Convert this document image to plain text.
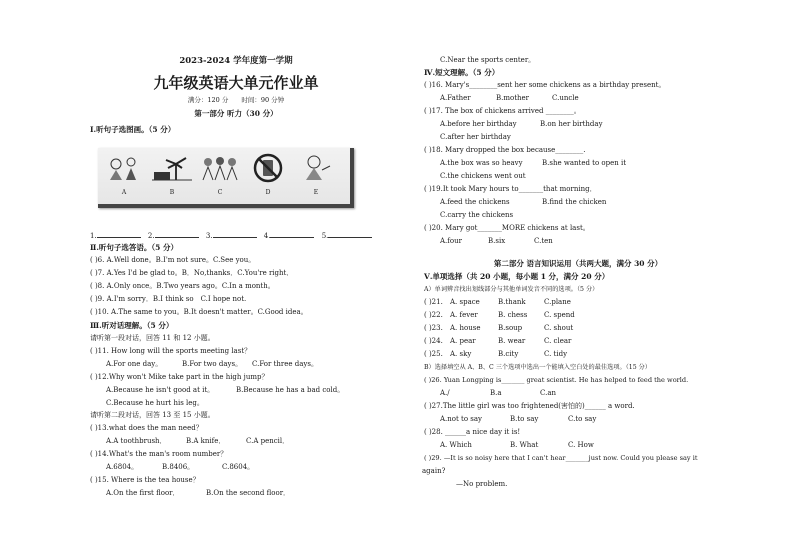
2023-2024 学年度第一学期
九年级英语大单元作业单
满分：120 分　　时间：90 分钟
第一部分 听力（30 分）
Ⅰ.听句子选图画。（5 分）
A	B	C	D	E
1.	2.	3.	4.	5.
Ⅱ.听句子选答语。（5 分）
( )6. A.Well done。B.I'm not sure。C.See you。
( )7. A.Yes I'd be glad to。B．No,thanks．C.You're right．
( )8. A.Only once。B.Two years ago。C.In a month。
( )9. A.I'm sorry．B.I think so　C.I hope not.
( )10. A.The same to you。B.It doesn't matter。C.Good idea。
Ⅲ.听对话理解。（5 分）
请听第一段对话，回答 11 和 12 小题。
( )11. How long will the sports meeting last？
A.For one day。	B.For two days。 C.For three days。
( )12.Why won't Mike take part in the high jump？
A.Because he isn't good at it。	B.Because he has a bad cold。
C.Because he hurt his leg。
请听第二段对话，回答 13 至 15 小题。
( )13.what does the man need？
A.A toothbrush．	B.A knife．	C.A pencil．
( )14.What's the man's room number？
A.6804。	B.8406。	C.8604。
( )15. Where is the tea house？
A.On the first floor．	B.On the second floor．
C.Near the sports center。
Ⅳ.短文理解。（5 分）
( )16. Mary's________sent her some chickens as a birthday present。
A.Father	B.mother	C.uncle
( )17. The box of chickens arrived ________。
A.before her birthday	B.on her birthday
C.after her birthday
( )18. Mary dropped the box because________.
A.the box was so heavy	B.she wanted to open it
C.the chickens went out
( )19.It took Mary hours to_______that morning．
A.feed the chickens	B.find the chicken
C.carry the chickens
( )20. Mary got_______MORE chickens at last。
A.four	B.six	C.ten
第二部分 语言知识运用（共两大题，满分 30 分）
Ⅴ.单项选择（共 20 小题，每小题 1 分，满分 20 分）
A）单词辨音找出划线部分与其他单词发音不同的选项。（5 分）
( )21. A. space	B.thank	C.plane
( )22. A. fever	B. chess C. spend
( )23. A. house	B.soup	C. shout
( )24. A. pear	B. wear	C. clear
( )25. A. sky	B.city	C. tidy
B）选择填空从 A、B、C 三个选项中选出一个能填入空白处的最佳选项。（15 分）
( )26. Yuan Longping is_______ great scientist. He has helped to feed the world.
A./	B.a	C.an
( )27.The little girl was too frightened(害怕的)______ a word.
A.not to say	B.to say	C.to say
( )28. ______a nice day it is!
A. Which	B. What	C. How
( )29. —It is so noisy here that I can't hear_______just now. Could you please say it
again?
—No problem.
